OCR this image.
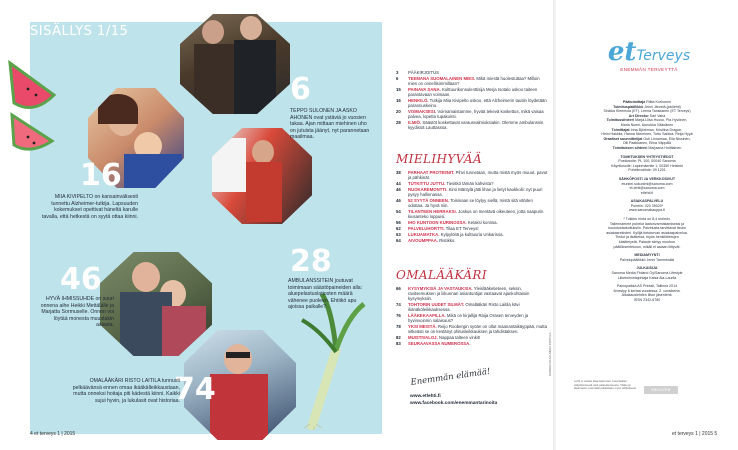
SISÄLLYS 1/15
6
16
28
46
74
TEPPO SULONEN JA ASKO AHONEN ovat ystäviä jo vuosien takaa. Ajan mittaan miehinen uho on jutuista jäänyt, nyt parannetaan maailmaa.
MIIA KIVIPELTO on kansainvälisesti tunnettu Alzheimer-tutkija. Lapsuuden kokemukset opettivat häneltä karulle tavalla, että hetkestä on syytä ottaa kiinni.
AMBULANSSITEIN joutuvat toimimaan säästöpaineiden alla: aluepelastuslaitosten määrä vähenee puoleen. Ehtiikö apu ajoissa paikalle?
HYVÄ IHMISSUHDE on suuri onnena aihe Heikki Mettälälle ja Marjatta Sormuselle. Onnen voi löytää monesta muustakin asiasta.
OMALÄÄKÄRI RISTO LAITILA tunnusti pelkäävänsä ennen omaa ikääkälleikkaustaan, mutta onneksi hoitaja piti kädestä kiinni. Kaikki sujui hyvin, ja lukulasit ovat historiaa.
3	PÄÄKIRJOITUS
6	TEEMANA SUOMALAINEN MIES. Mikä miestä huolestuttaa? Milloin mies on onnellisimmillaan?
15	PAINAVA SANA. Kulttuurikonsulenttisija Merja Isotalo uskoo taiteen parantavaan voimaan.
16	HENKILÖ. Tutkija Miia Kivipelto uskoo, että Alzheimerin tautiin löydetään parannuskeino.
20	VOIMAKSESI. Voimamaistamme, hyvää tekevä koskettus, mikä vaisaa palvea, lopetta tupakointi.
28	ILMIÖ. Säästöt koskettavat varausvalmiuksiakin. Olemme ambulanssin kyydissä Lauttasssa.
MIELIHYVÄÄ
38	PARHAAT PROTEIINIT. Pihvi tunnetaan, mutta mistä myös muuut, pavut ja pähkinät.
44	TUTKITTU JUTTU. Tiesitkö tämän kahvista?
46	RUOKAREMONTTI. Kirsi Mäntylä jätti lihan ja lietyt kaukkolii: nyt puuri pysyy hallinnassa.
46	52 SYYTÄ ONNEEN. Toisinaan se löytyy siellä, mistä sitä vähiten odottaa. Ja hyvä niin.
54	TILANTEEN HERRAKSI. Joskus on mentävä oikeuteen, jotta naapurin kiusanteko loppuisi.
56	IHO KUNTOON KURINOSSA. Kelaksi konssa.
62	PALVELUHORTTI. Tilaa ET Terveys!
63	LUKUAMATKA. Kylpylöitä ja kulttuuria Unkarissa.
64	AIVOUMPPAA. Ristikko.
OMALÄÄKÄRI
66	KYSYMYKSIÄ JA VASTAUKSIA. Yleislääketieteen, seksin, ravitsemuksen ja liikunnan asiantuntijat vastaavat ajankohtaisiin kysymyksiin.
74	TOHTORIN UUDET SILMÄT. Omalääkäri Risto Laitila kävi ikänäköleikkauksessa.
76	LÄÄKEKAAPILLA. Mikä on kirjallija Raija Orasen terveyden ja hyvinvoinnin salaisuus?
78	YKSI MEISTÄ. Reijo Roobergin syöän on ollut maanantaikäyppää, mutta sitkeästi se on kestänyt ohitusleikkauksen ja tahdistaksen.
82	MUISTIVALOJ. Nappaa talteen vinkit!
83	SEURAAVASSA NUMEROSSA.
Enemmän elämää!
www.etlehti.fi
www.facebook.com/enemmantarinoita
KANNEN KUVA MIIKA PIRTOLA
4 et terveys 1 | 2015
etTerveys
ENEMMÄN TERVEYTTÄ
Päätoimittaja Riitta Korhonen
Toimituspäällikkö Jenni Järvelä (jokilehti)
Sinikka Kleemola (ET). Leena Tanskanen (ET Terveys)
Art Director Sari Vaha
Toimitussihteeri Marja-Liisa Huuso, Pia Hyvönen,
Maria Noeni, Annukka Väänänen
Toimittajat Irina Björkman, Kristiina Dragon,
Heini Hakkila, Hanna Nieminen, Tuttu Sarkka, Reija Hyyä
Graafiset suunnittelijat Outi Linnamaa, Ella Nissinen,
Olli Paakkanen, Elina Väppälä
Toimituksen sihteeri Marjaana Hulttiainen
TOIMITUKSEN YHTEYSTIEDOT
Postiosoite: PL 100, 00040 Sanoma
Käyntiosoite: Lapinmäentie 1, 00350 Helsinki
Puhelinvaihde: 09 1201
SÄHKÖPOSTI JA VERKKOSIVUT
etunimi.sukunimi@sanoma.com
et-lehti@sanoma.com
etlehti.fi
ASIAKASPALVELU
Puhelin: 020 39020*
www.sanomakauppa.fi
* Tukkiru hinta on 8,4 snt/min.
Tallennamme puhelut laatunvarmistamiseksi ja
koulutustarkoituksiin. Palvelusta tarvittavat tiedot
asiakasrekisteri. Kyllijä tietoturvan asiakaspalvelua.
Tiedot ja lisätietoa, myös henkilötietojen
käsittelystä. Palaute siirtyy muuhun
päätöksentekoon, mikäli ei asiaan liittyvät.
MEDIAMYYNTI
Palvelupäällikkö Jenni Tammimäki
JULKAISIJA
Sanoma Media Finland Oy/Sanoma Lifestyle
Liiketoimintajohtaja Kaisa Ala-Laurila
Painopaikka AS Printall, Tallinna 2014
Ilmestyy 6 kertaa vuodessa. 2. vuosikerta.
Aikakauslehtien liiton jäsenlehti.
ISSN 2342-6780
Lehti ei vastaa tilaamattomien materiaalien säilyttämisestä eikä palauttamisesta. Tilattu ja tilaamaton materiaali julkaistaan myös sähköisesti.	sanoma
et terveys 1 | 2015 5
